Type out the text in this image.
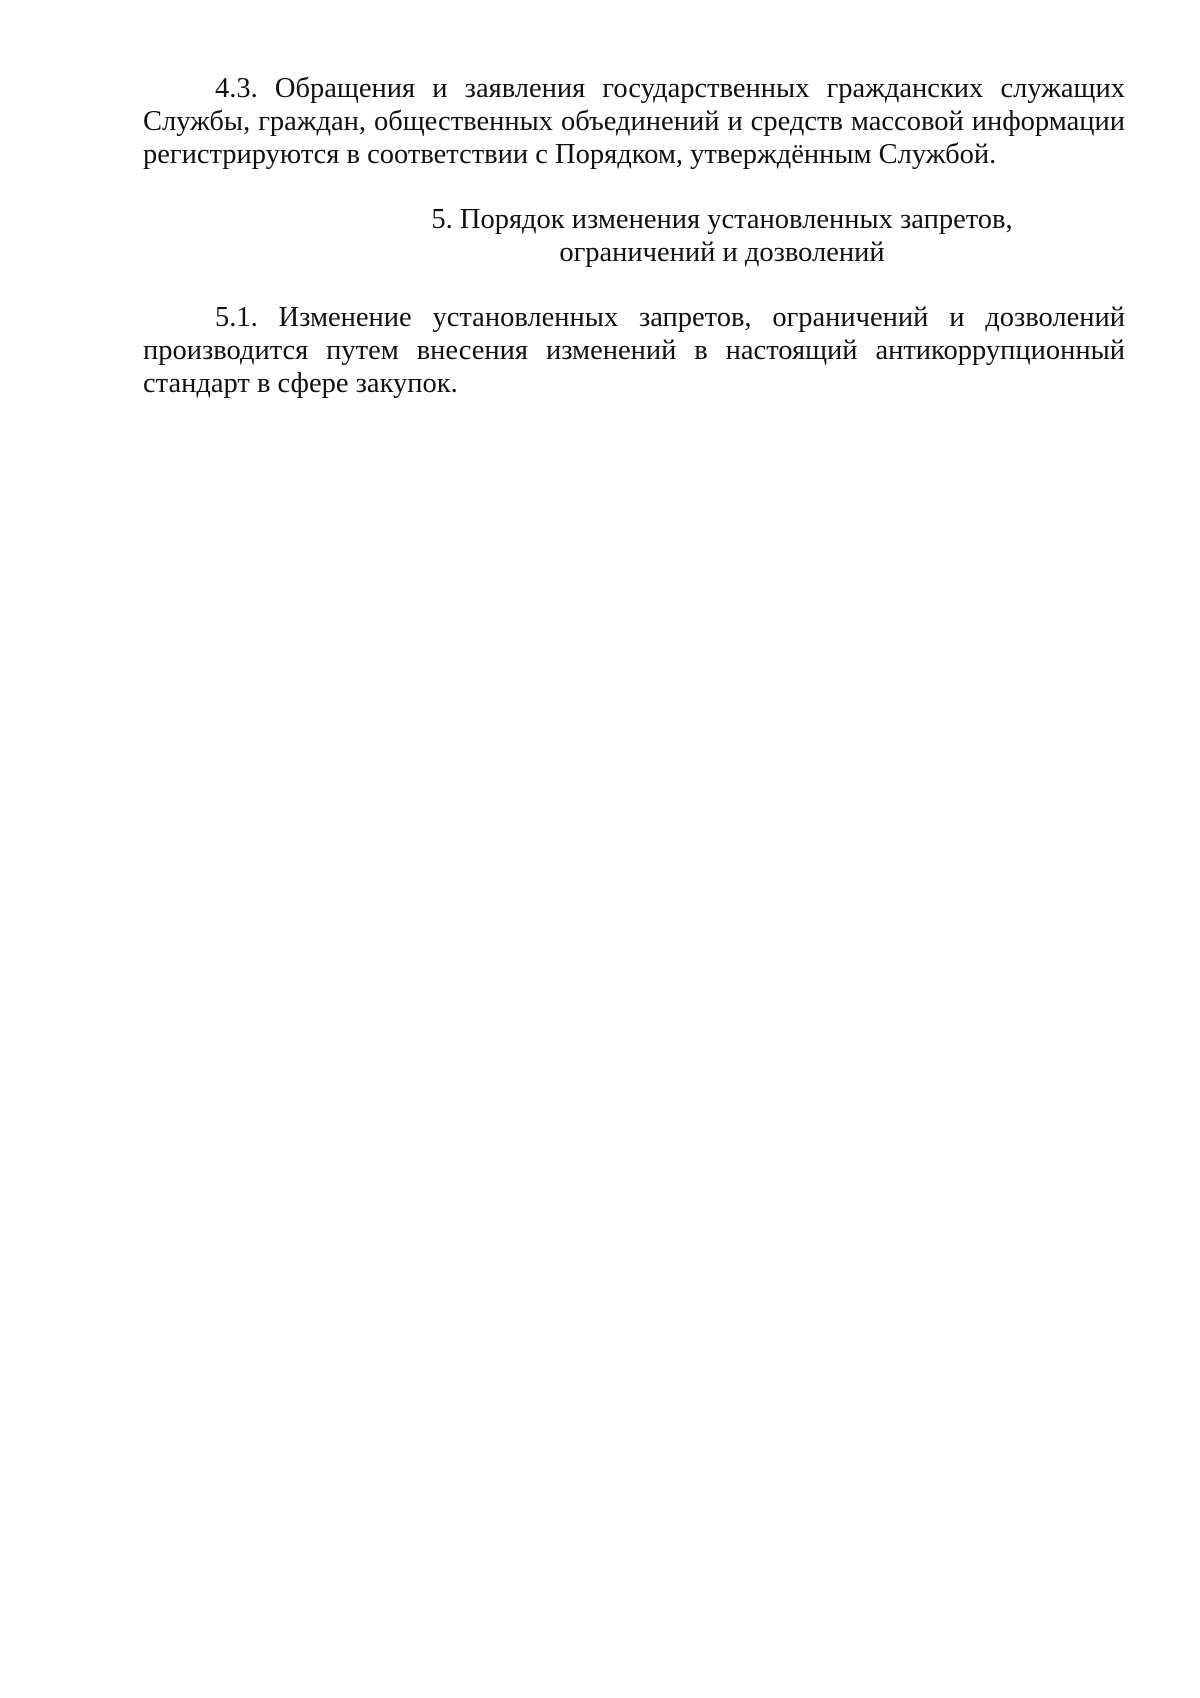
4.3. Обращения и заявления государственных гражданских служащих Службы, граждан, общественных объединений и средств массовой информации регистрируются в соответствии с Порядком, утверждённым Службой.

5. Порядок изменения установленных запретов,
ограничений и дозволений

5.1. Изменение установленных запретов, ограничений и дозволений производится путем внесения изменений в настоящий антикоррупционный стандарт в сфере закупок.
